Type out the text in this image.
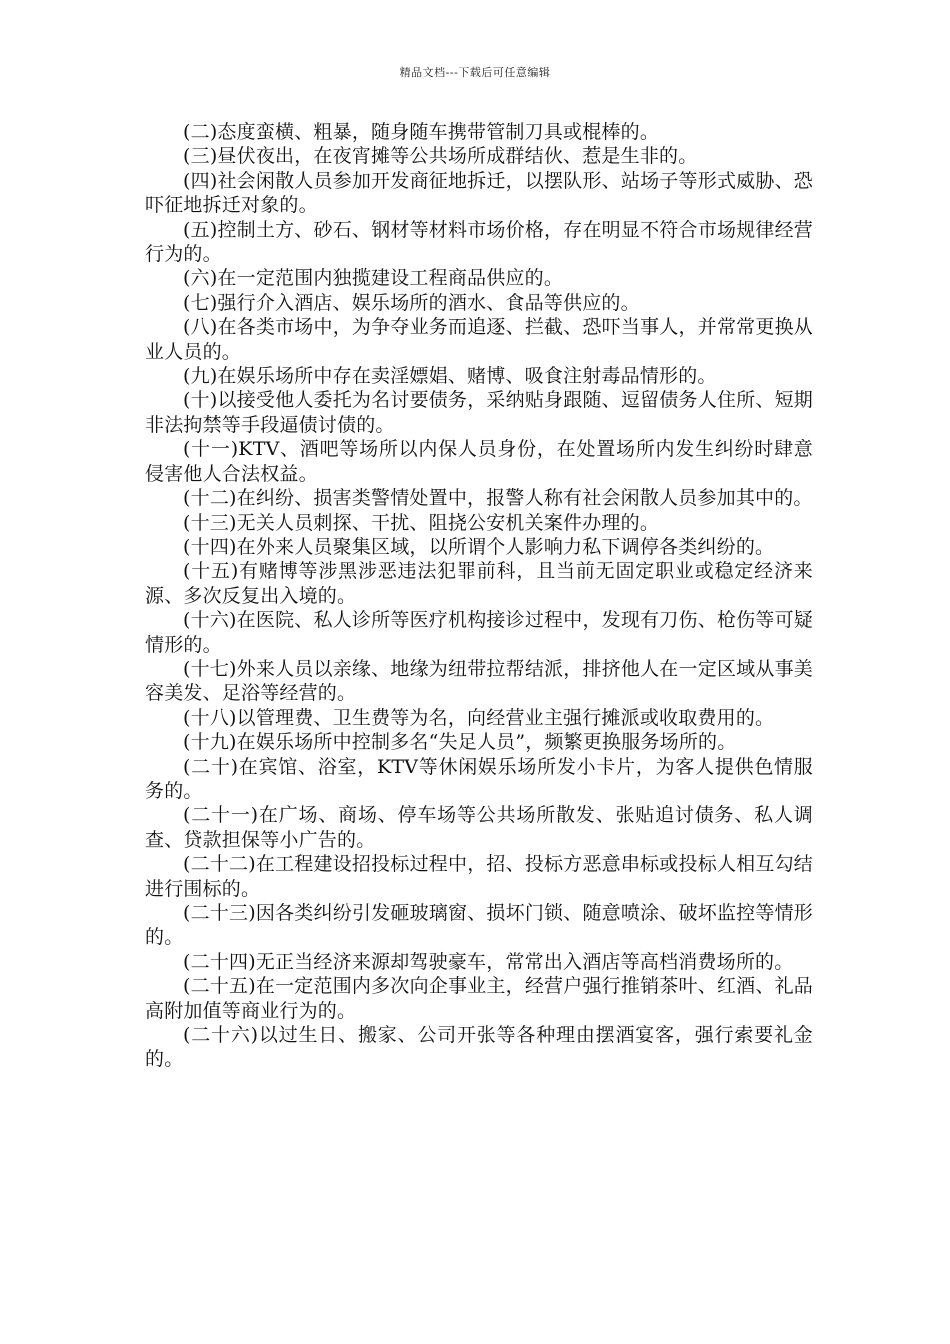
精品文档---下载后可任意编辑

(二)态度蛮横、粗暴，随身随车携带管制刀具或棍棒的。

(三)昼伏夜出，在夜宵摊等公共场所成群结伙、惹是生非的。

(四)社会闲散人员参加开发商征地拆迁，以摆队形、站场子等形式威胁、恐吓征地拆迁对象的。

(五)控制土方、砂石、钢材等材料市场价格，存在明显不符合市场规律经营行为的。

(六)在一定范围内独揽建设工程商品供应的。

(七)强行介入酒店、娱乐场所的酒水、食品等供应的。

(八)在各类市场中，为争夺业务而追逐、拦截、恐吓当事人，并常常更换从业人员的。

(九)在娱乐场所中存在卖淫嫖娼、赌博、吸食注射毒品情形的。

(十)以接受他人委托为名讨要债务，采纳贴身跟随、逗留债务人住所、短期非法拘禁等手段逼债讨债的。

(十一)KTV、酒吧等场所以内保人员身份，在处置场所内发生纠纷时肆意侵害他人合法权益。

(十二)在纠纷、损害类警情处置中，报警人称有社会闲散人员参加其中的。

(十三)无关人员刺探、干扰、阻挠公安机关案件办理的。

(十四)在外来人员聚集区域，以所谓个人影响力私下调停各类纠纷的。

(十五)有赌博等涉黑涉恶违法犯罪前科，且当前无固定职业或稳定经济来源、多次反复出入境的。

(十六)在医院、私人诊所等医疗机构接诊过程中，发现有刀伤、枪伤等可疑情形的。

(十七)外来人员以亲缘、地缘为纽带拉帮结派，排挤他人在一定区域从事美容美发、足浴等经营的。

(十八)以管理费、卫生费等为名，向经营业主强行摊派或收取费用的。

(十九)在娱乐场所中控制多名“失足人员”，频繁更换服务场所的。

(二十)在宾馆、浴室，KTV等休闲娱乐场所发小卡片，为客人提供色情服务的。

(二十一)在广场、商场、停车场等公共场所散发、张贴追讨债务、私人调查、贷款担保等小广告的。

(二十二)在工程建设招投标过程中，招、投标方恶意串标或投标人相互勾结进行围标的。

(二十三)因各类纠纷引发砸玻璃窗、损坏门锁、随意喷涂、破坏监控等情形的。

(二十四)无正当经济来源却驾驶豪车，常常出入酒店等高档消费场所的。

(二十五)在一定范围内多次向企事业主，经营户强行推销茶叶、红酒、礼品高附加值等商业行为的。

(二十六)以过生日、搬家、公司开张等各种理由摆酒宴客，强行索要礼金的。
